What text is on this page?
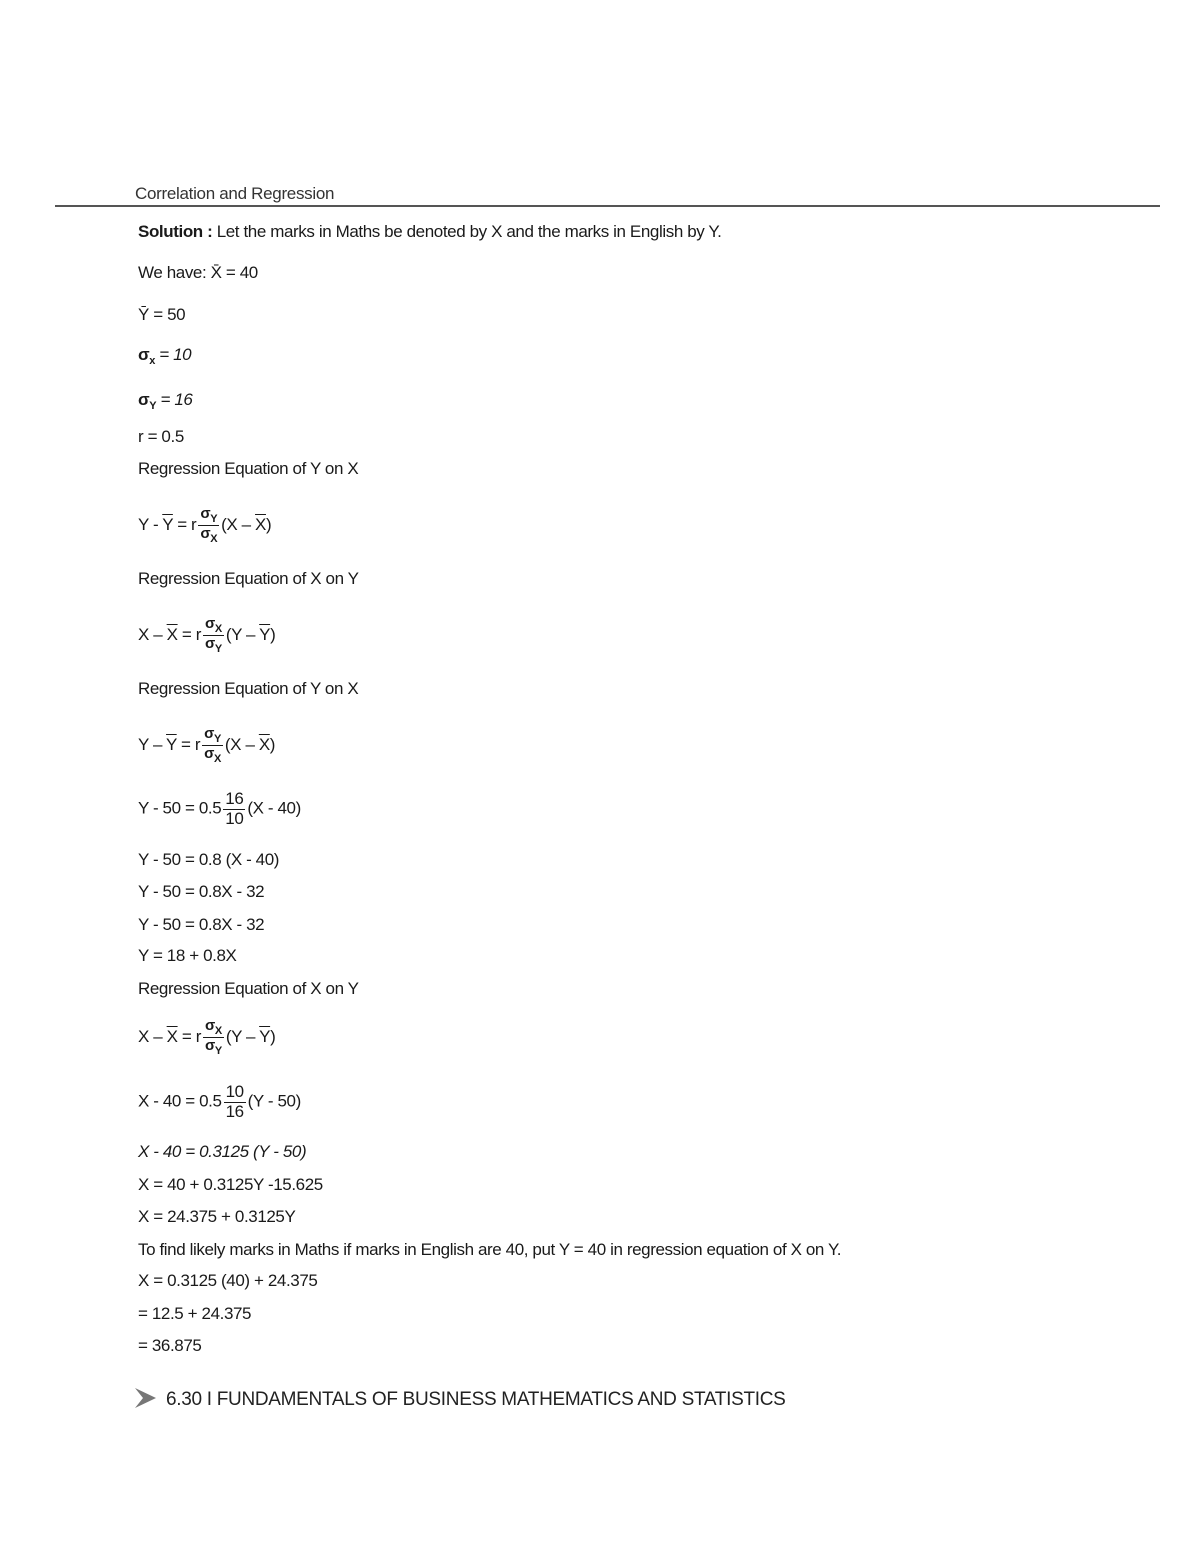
Correlation and Regression
Solution : Let the marks in Maths be denoted by X and the marks in English by Y.
We have: X̄ = 40
Ȳ = 50
$\sigma_x = 10$
$\sigma_Y = 16$
r = 0.5
Regression Equation of Y on X
$Y - \overline{Y} = r \frac{\sigma_Y}{\sigma_X} (X - \overline{X})$
Regression Equation of X on Y
$X - \overline{X} = r \frac{\sigma_X}{\sigma_Y} (Y - \overline{Y})$
Regression Equation of Y on X
$Y - \overline{Y} = r \frac{\sigma_Y}{\sigma_X} (X - \overline{X})$
$Y - 50 = 0.5 \frac{16}{10} (X - 40)$
Y - 50 = 0.8 (X - 40)
Y - 50 = 0.8X - 32
Y - 50 = 0.8X - 32
Y = 18 + 0.8X
Regression Equation of X on Y
$X - \overline{X} = r \frac{\sigma_X}{\sigma_Y} (Y - \overline{Y})$
$X - 40 = 0.5 \frac{10}{16} (Y - 50)$
X - 40 = 0.3125 (Y - 50)
X = 40 + 0.3125Y -15.625
X = 24.375 + 0.3125Y
To find likely marks in Maths if marks in English are 40, put Y = 40 in regression equation of X on Y.
X = 0.3125 (40) + 24.375
= 12.5 + 24.375
= 36.875
6.30 I FUNDAMENTALS OF BUSINESS MATHEMATICS AND STATISTICS
